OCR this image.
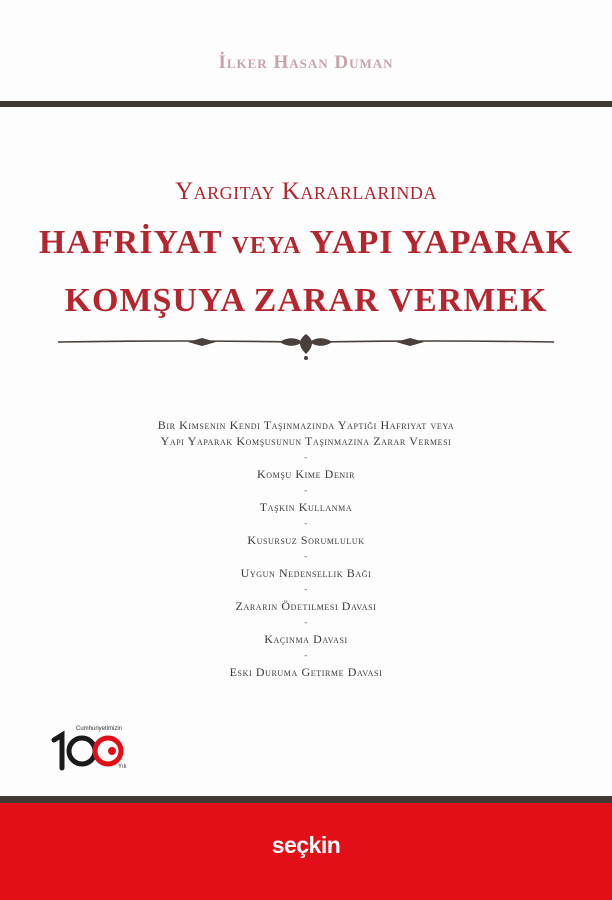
İlker Hasan Duman
Yargıtay Kararlarında
HAFRİYAT veya YAPI YAPARAK
KOMŞUYA ZARAR VERMEK
Bir Kimsenin Kendi Taşınmazında Yaptığı Hafriyat veya
Yapı Yaparak Komşusunun Taşınmazına Zarar Vermesi
-
Komşu Kime Denir
-
Taşkın Kullanma
-
Kusursuz Sorumluluk
-
Uygun Nedensellik Bağı
-
Zararın Ödetilmesi Davası
-
Kaçınma Davası
-
Eski Duruma Getirme Davası
Cumhuriyetimizin
Yılı
seçkin
